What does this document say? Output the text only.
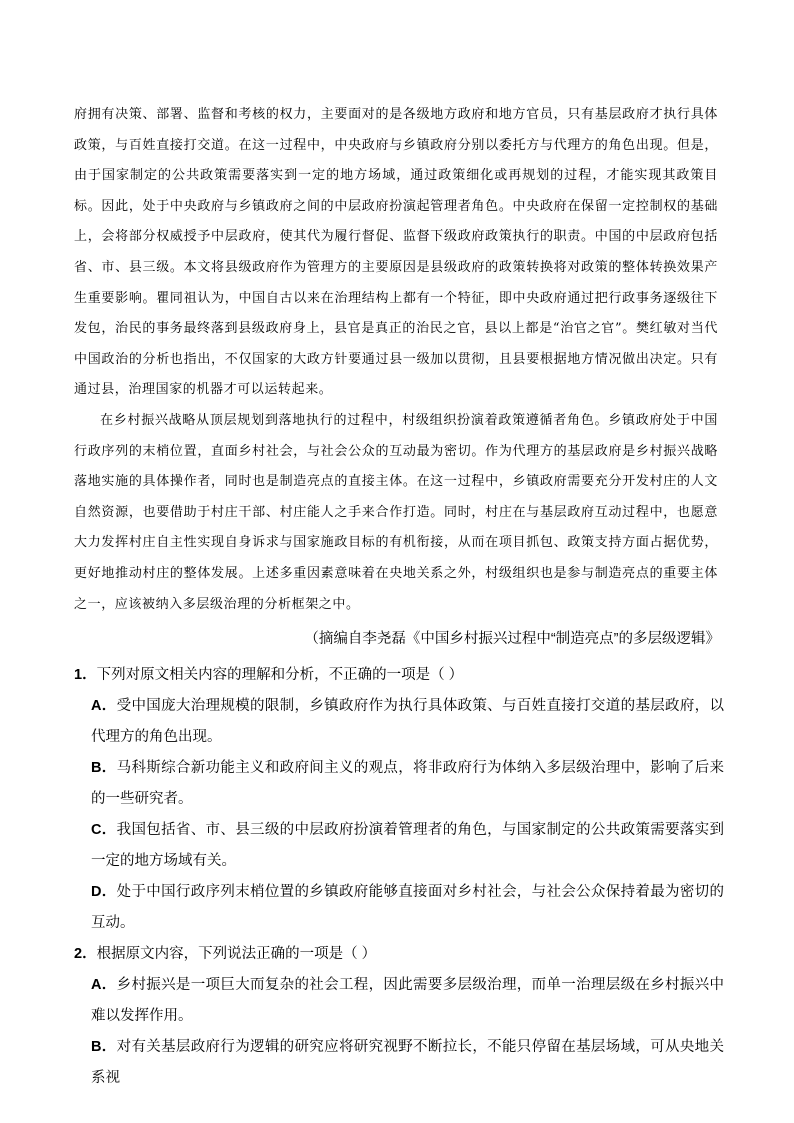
府拥有决策、部署、监督和考核的权力，主要面对的是各级地方政府和地方官员，只有基层政府才执行具体政策，与百姓直接打交道。在这一过程中，中央政府与乡镇政府分别以委托方与代理方的角色出现。但是，由于国家制定的公共政策需要落实到一定的地方场域，通过政策细化或再规划的过程，才能实现其政策目标。因此，处于中央政府与乡镇政府之间的中层政府扮演起管理者角色。中央政府在保留一定控制权的基础上，会将部分权威授予中层政府，使其代为履行督促、监督下级政府政策执行的职责。中国的中层政府包括省、市、县三级。本文将县级政府作为管理方的主要原因是县级政府的政策转换将对政策的整体转换效果产生重要影响。瞿同祖认为，中国自古以来在治理结构上都有一个特征，即中央政府通过把行政事务逐级往下发包，治民的事务最终落到县级政府身上，县官是真正的治民之官，县以上都是“治官之官”。樊红敏对当代中国政治的分析也指出，不仅国家的大政方针要通过县一级加以贯彻，且县要根据地方情况做出决定。只有通过县，治理国家的机器才可以运转起来。

在乡村振兴战略从顶层规划到落地执行的过程中，村级组织扮演着政策遵循者角色。乡镇政府处于中国行政序列的末梢位置，直面乡村社会，与社会公众的互动最为密切。作为代理方的基层政府是乡村振兴战略落地实施的具体操作者，同时也是制造亮点的直接主体。在这一过程中，乡镇政府需要充分开发村庄的人文自然资源，也要借助于村庄干部、村庄能人之手来合作打造。同时，村庄在与基层政府互动过程中，也愿意大力发挥村庄自主性实现自身诉求与国家施政目标的有机衔接，从而在项目抓包、政策支持方面占据优势，更好地推动村庄的整体发展。上述多重因素意味着在央地关系之外，村级组织也是参与制造亮点的重要主体之一，应该被纳入多层级治理的分析框架之中。

（摘编自李尧磊《中国乡村振兴过程中“制造亮点”的多层级逻辑》

1．下列对原文相关内容的理解和分析，不正确的一项是（ ）

A．受中国庞大治理规模的限制，乡镇政府作为执行具体政策、与百姓直接打交道的基层政府，以代理方的角色出现。

B．马科斯综合新功能主义和政府间主义的观点，将非政府行为体纳入多层级治理中，影响了后来的一些研究者。

C．我国包括省、市、县三级的中层政府扮演着管理者的角色，与国家制定的公共政策需要落实到一定的地方场域有关。

D．处于中国行政序列末梢位置的乡镇政府能够直接面对乡村社会，与社会公众保持着最为密切的互动。

2．根据原文内容，下列说法正确的一项是（ ）

A．乡村振兴是一项巨大而复杂的社会工程，因此需要多层级治理，而单一治理层级在乡村振兴中难以发挥作用。

B．对有关基层政府行为逻辑的研究应将研究视野不断拉长，不能只停留在基层场域，可从央地关系视
